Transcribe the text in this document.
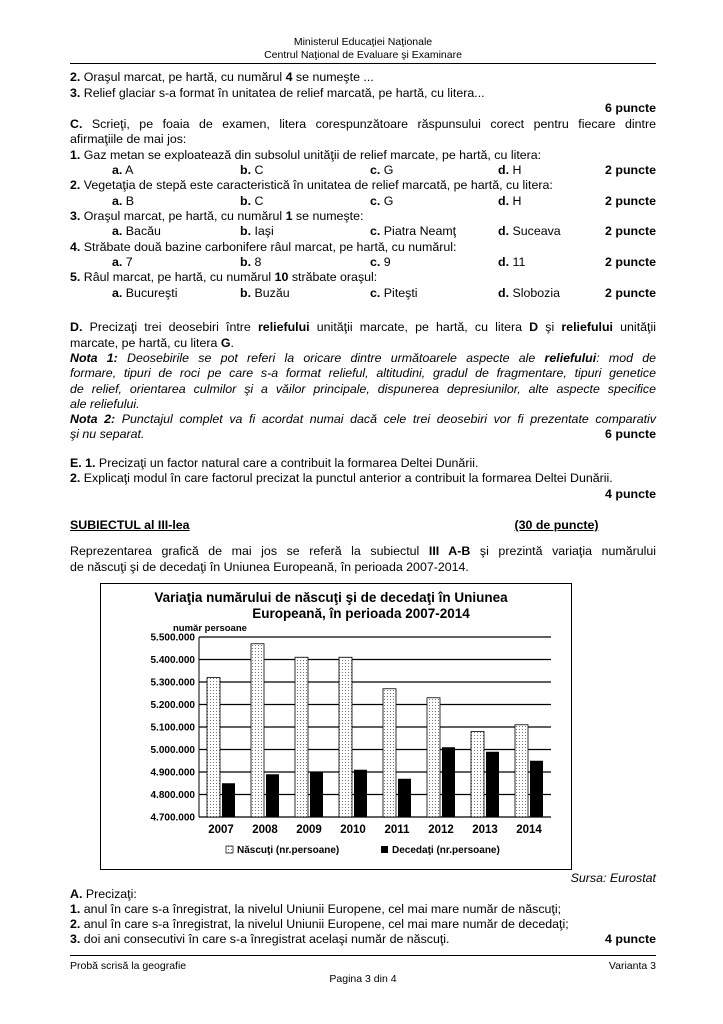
Ministerul Educaţiei Naţionale
Centrul Naţional de Evaluare şi Examinare
2. Oraşul marcat, pe hartă, cu numărul 4 se numeşte ...
3. Relief glaciar s-a format în unitatea de relief marcată, pe hartă, cu litera...
6 puncte
C. Scrieţi, pe foaia de examen, litera corespunzătoare răspunsului corect pentru fiecare dintre
afirmaţiile de mai jos:
1. Gaz metan se exploatează din subsolul unităţii de relief marcate, pe hartă, cu litera:
a. A	b. C	c. G	d. H	2 puncte
2. Vegetaţia de stepă este caracteristică în unitatea de relief marcată, pe hartă, cu litera:
a. B	b. C	c. G	d. H	2 puncte
3. Oraşul marcat, pe hartă, cu numărul 1 se numeşte:
a. Bacău	b. Iaşi	c. Piatra Neamţ	d. Suceava	2 puncte
4. Străbate două bazine carbonifere râul marcat, pe hartă, cu numărul:
a. 7	b. 8	c. 9	d. 11	2 puncte
5. Râul marcat, pe hartă, cu numărul 10 străbate oraşul:
a. Bucureşti	b. Buzău	c. Piteşti	d. Slobozia	2 puncte
D. Precizaţi trei deosebiri între reliefului unităţii marcate, pe hartă, cu litera D şi reliefului unităţii
marcate, pe hartă, cu litera G.
Nota 1: Deosebirile se pot referi la oricare dintre următoarele aspecte ale reliefului: mod de
formare, tipuri de roci pe care s-a format relieful, altitudini, gradul de fragmentare, tipuri genetice
de relief, orientarea culmilor şi a văilor principale, dispunerea depresiunilor, alte aspecte specifice
ale reliefului.
Nota 2: Punctajul complet va fi acordat numai dacă cele trei deosebiri vor fi prezentate comparativ
şi nu separat.	6 puncte
E. 1. Precizaţi un factor natural care a contribuit la formarea Deltei Dunării.
2. Explicaţi modul în care factorul precizat la punctul anterior a contribuit la formarea Deltei Dunării.
4 puncte
SUBIECTUL al III-lea	(30 de puncte)
Reprezentarea grafică de mai jos se referă la subiectul III A-B şi prezintă variaţia numărului
de născuţi şi de decedaţi în Uniunea Europeană, în perioada 2007-2014.
Sursa: Eurostat
A. Precizaţi:
1. anul în care s-a înregistrat, la nivelul Uniunii Europene, cel mai mare număr de născuţi;
2. anul în care s-a înregistrat, la nivelul Uniunii Europene, cel mai mare număr de decedaţi;
3. doi ani consecutivi în care s-a înregistrat acelaşi număr de născuţi.	4 puncte
Probă scrisă la geografie
Pagina 3 din 4
Varianta 3
Variaţia numărului de născuţi şi de decedaţi în Uniunea
Europeană, în perioada 2007-2014
număr persoane
4.700.000
4.800.000
4.900.000
5.000.000
5.100.000
5.200.000
5.300.000
5.400.000
5.500.000
2007 2008 2009 2010 2011 2012 2013 2014
Născuţi (nr.persoane)	Decedaţi (nr.persoane)
